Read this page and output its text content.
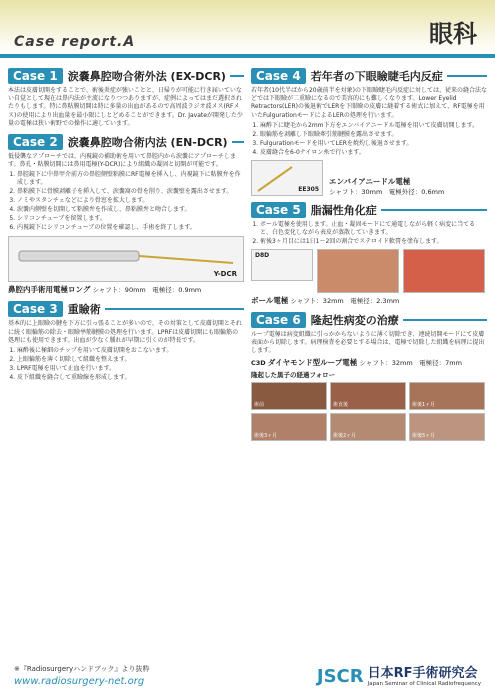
Case report.A	眼科
Case 1 涙嚢鼻腔吻合術外法 (EX-DCR)

本法は皮膚切開をすることで、術後炎症が強いことと、日帰りが可能に行き届いていない自覚として現在は鼻内法が主流になりつつありますが、症例によってはまだ選択されたりもします。特に鼻粘膜切開は時に多量の出血があるので高周波ラジオ波メス(RFメス)の使用により出血量を最小限にしとどめることができます。Dr. Javateが開発した少量の電極は狭い術野での操作に適しています。

Case 2 涙嚢鼻腔吻合術内法 (EN-DCR)

低侵襲なアプローチでは、内視鏡の補助術を用いて鼻腔内から涙嚢にアプローチします。鼻孔・粘膜切開には鼻用電極(Y-DCR)により組織の凝固と切開が可能です。

1. 鼻腔鏡下に中鼻甲介前方の鼻腔側壁粘膜にRF電極を挿入し、内視鏡下に粘膜弁を作成します。
2. 鼻粘膜下に骨膜剥離子を挿入して、涙嚢窩の骨を削り、涙嚢壁を露出させます。
3. ノミやスタンチェなどにより骨窓を拡大します。
4. 涙嚢内側壁を切開して粘膜弁を作成し、鼻粘膜弁と吻合します。
5. シリコンチューブを留置します。
6. 内視鏡下にシリコンチューブの位置を確認し、手術を終了します。
Y-DCR
鼻腔内手術用電極ロング シャフト：90mm　電極径：0.9mm
Case 3 重瞼術

基本的に上眼瞼の腱を下方に引っ張ることが多いので、その対策として皮膚切開とそれに続く眼輪筋の除去・眼瞼挙筋腱膜の処理を行います。LPRFは皮膚切開にも眼輪筋の処理にも使用できます。出血が少なく腫れが早期に引くのが特長です。

1. 麻酔後に極細のチップを用いて皮膚切開をおこないます。
2. 上眼輪筋を薄く切除して組織を整えます。
3. LPRF電極を用いて止血を行います。
4. 皮下組織を縫合して重瞼線を形成します。
Case 4 若年者の下眼瞼睫毛内反症

若年者(10代半ばから20歳前半を対象)の下眼瞼睫毛内反症に対しては、従来の縫合法などでは下眼瞼が二重瞼になるので美容的にも難しくなります。Lower Eyelid Retractors(LER)の後退術でLERを下眼瞼の皮膚に縫着する術式に加えて、RF電極を用いたFulgurationモードによるLERの処理を行います。

1. 麻酔下に睫毛から2mm下方をエンバイアニードル電極を用いて皮膚切開します。
2. 眼輪筋を剥離し下眼瞼牽引筋腱膜を露出させます。
3. Fulgurationモードを用いてLERを焼灼し後退させます。
4. 皮膚縫合を6-0ナイロン糸で行います。
EE305
エンバイアニードル電極
シャフト：30mm　電極外径：0.6mm
Case 5 脂漏性角化症
1. ボール電極を使用します。止血・凝固モードにて通電しながら軽く病変に当てると、白色変化しながら表皮が蒸散していきます。
2. 術後3ヶ月目には1日1〜2回の割合でステロイド軟膏を塗布します。
D8D
ボール電極 シャフト：32mm　電極径：2.3mm
Case 6 隆起性病変の治療

ループ電極は病変組織に引っかからないように薄く切除でき、連続切開モードにて皮膚表面から切除します。病理検査を必要とする場合は、電極で切除した組織を病理に提出します。

C3D ダイヤモンド型ループ電極 シャフト：32mm　電極径：7mm
隆起した黒子の経過フォロー
術前	術直後	術後1ヶ月
術後3ヶ月	術後2ヶ月	術後5ヶ月
※『Radiosurgeryハンドブック』より抜粋
www.radiosurgery-net.org	JSCR 日本RF手術研究会
Japan Seminar of Clinical Radiofrequency
